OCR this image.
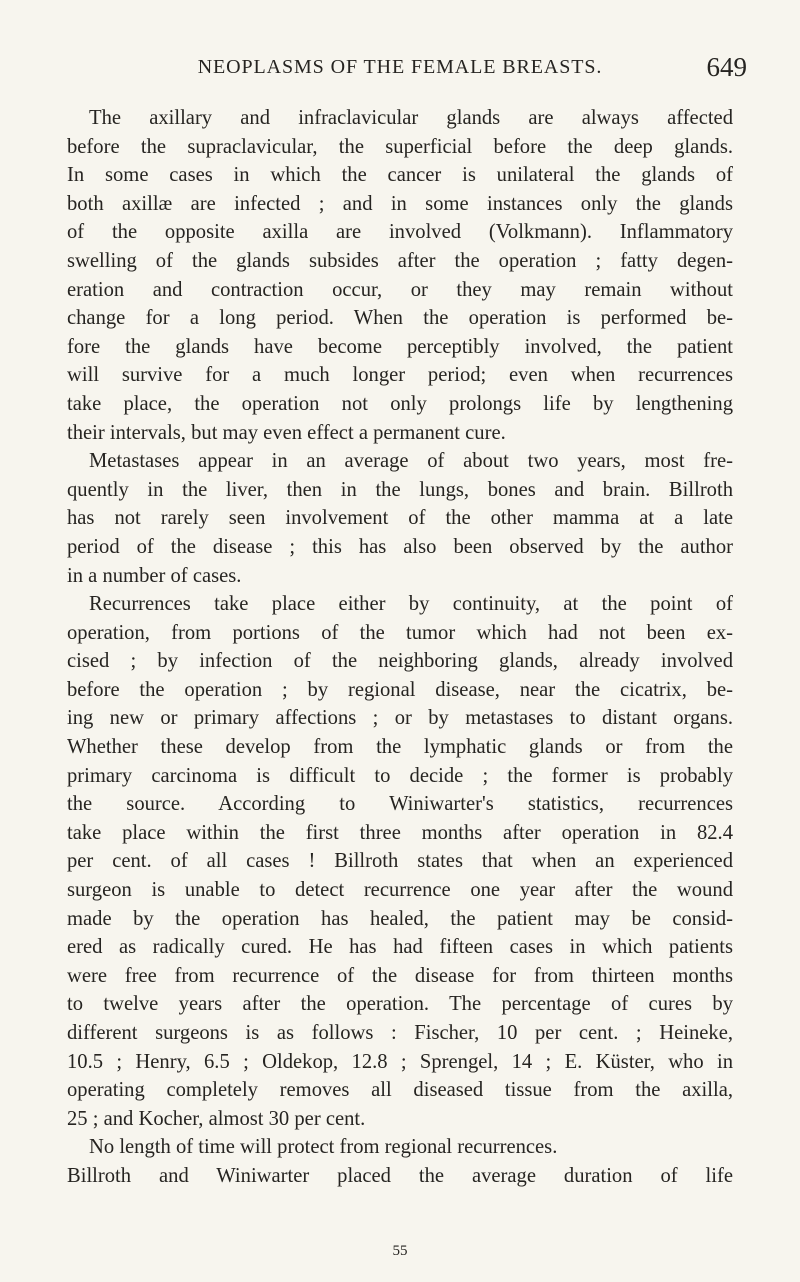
NEOPLASMS OF THE FEMALE BREASTS.	649
The axillary and infraclavicular glands are always affected
before the supraclavicular, the superficial before the deep glands.
In some cases in which the cancer is unilateral the glands of
both axillæ are infected ; and in some instances only the glands
of the opposite axilla are involved (Volkmann). Inflammatory
swelling of the glands subsides after the operation ; fatty degen-
eration and contraction occur, or they may remain without
change for a long period. When the operation is performed be-
fore the glands have become perceptibly involved, the patient
will survive for a much longer period; even when recurrences
take place, the operation not only prolongs life by lengthening
their intervals, but may even effect a permanent cure.
Metastases appear in an average of about two years, most fre-
quently in the liver, then in the lungs, bones and brain. Billroth
has not rarely seen involvement of the other mamma at a late
period of the disease ; this has also been observed by the author
in a number of cases.
Recurrences take place either by continuity, at the point of
operation, from portions of the tumor which had not been ex-
cised ; by infection of the neighboring glands, already involved
before the operation ; by regional disease, near the cicatrix, be-
ing new or primary affections ; or by metastases to distant organs.
Whether these develop from the lymphatic glands or from the
primary carcinoma is difficult to decide ; the former is probably
the source. According to Winiwarter's statistics, recurrences
take place within the first three months after operation in 82.4
per cent. of all cases ! Billroth states that when an experienced
surgeon is unable to detect recurrence one year after the wound
made by the operation has healed, the patient may be consid-
ered as radically cured. He has had fifteen cases in which patients
were free from recurrence of the disease for from thirteen months
to twelve years after the operation. The percentage of cures by
different surgeons is as follows : Fischer, 10 per cent. ; Heineke,
10.5 ; Henry, 6.5 ; Oldekop, 12.8 ; Sprengel, 14 ; E. Küster, who in
operating completely removes all diseased tissue from the axilla,
25 ; and Kocher, almost 30 per cent.
No length of time will protect from regional recurrences.
Billroth and Winiwarter placed the average duration of life
55
